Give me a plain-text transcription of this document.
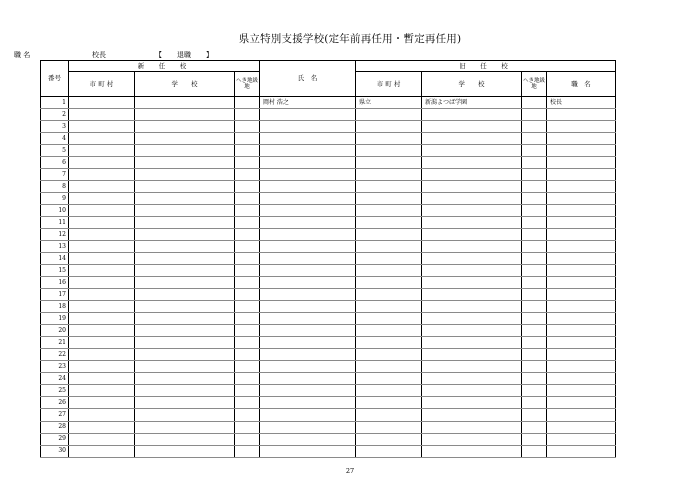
県立特別支援学校(定年前再任用・暫定再任用)
職 名	校長	【	退職	】
番号	新　任　校			氏　名	旧　任　校			
	市 町 村	学　　校	へき地級地		市 町 村	学　　校	へき地級地	職　名
1				岡村 浩之	県立	新潟よつば学園		校長
2								
3								
4								
5								
6								
7								
8								
9								
10								
11								
12								
13								
14								
15								
16								
17								
18								
19								
20								
21								
22								
23								
24								
25								
26								
27								
28								
29								
30								
27
